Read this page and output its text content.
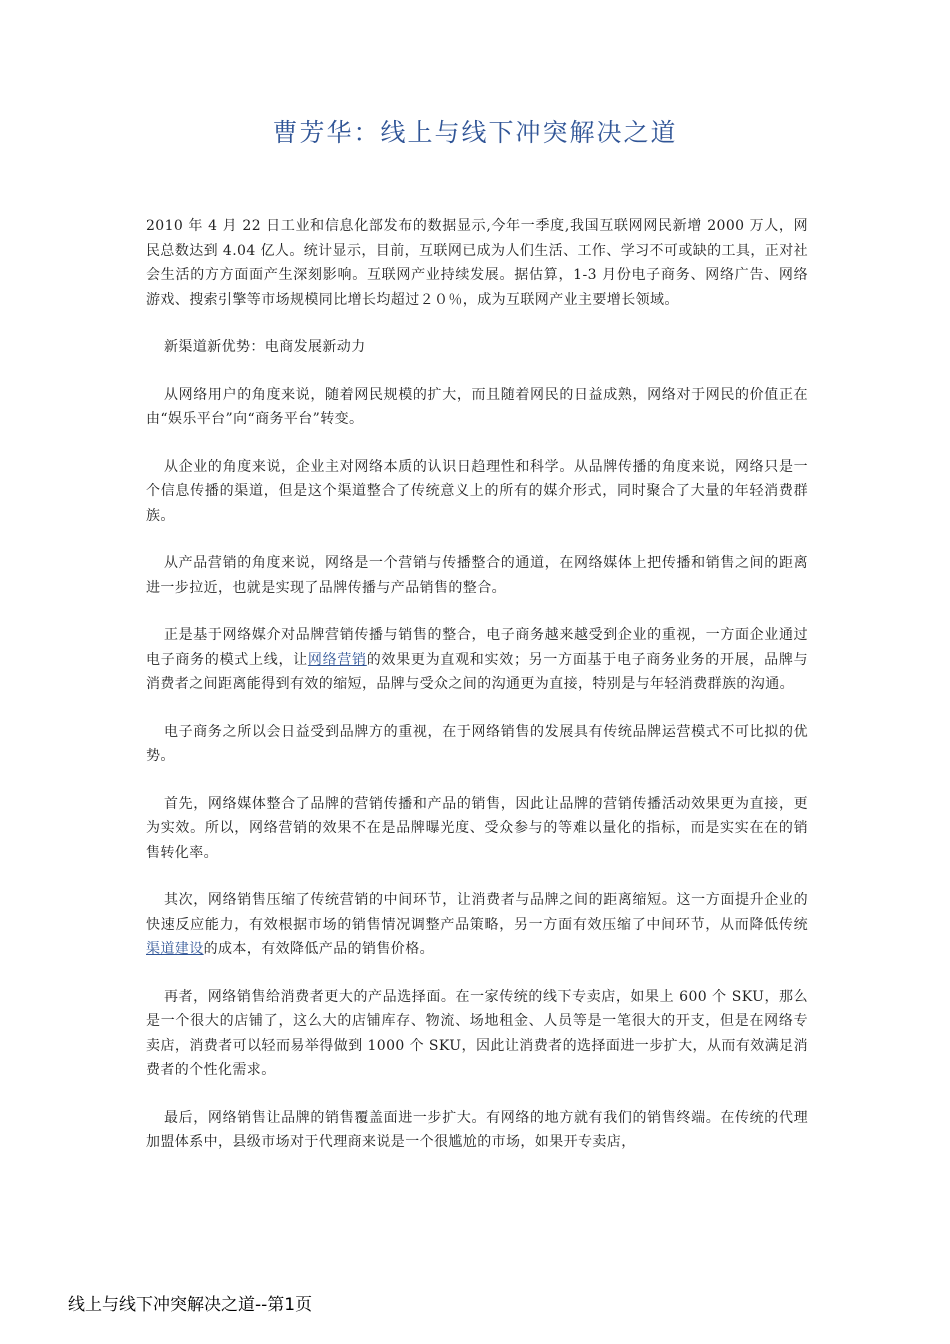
曹芳华：线上与线下冲突解决之道

2010 年 4 月 22 日工业和信息化部发布的数据显示,今年一季度,我国互联网网民新增 2000 万人，网民总数达到 4.04 亿人。统计显示，目前，互联网已成为人们生活、工作、学习不可或缺的工具，正对社会生活的方方面面产生深刻影响。互联网产业持续发展。据估算，1-3 月份电子商务、网络广告、网络游戏、搜索引擎等市场规模同比增长均超过２０％，成为互联网产业主要增长领域。

新渠道新优势：电商发展新动力

从网络用户的角度来说，随着网民规模的扩大，而且随着网民的日益成熟，网络对于网民的价值正在由“娱乐平台”向“商务平台”转变。

从企业的角度来说，企业主对网络本质的认识日趋理性和科学。从品牌传播的角度来说，网络只是一个信息传播的渠道，但是这个渠道整合了传统意义上的所有的媒介形式，同时聚合了大量的年轻消费群族。

从产品营销的角度来说，网络是一个营销与传播整合的通道，在网络媒体上把传播和销售之间的距离进一步拉近，也就是实现了品牌传播与产品销售的整合。

正是基于网络媒介对品牌营销传播与销售的整合，电子商务越来越受到企业的重视，一方面企业通过电子商务的模式上线，让网络营销的效果更为直观和实效；另一方面基于电子商务业务的开展，品牌与消费者之间距离能得到有效的缩短，品牌与受众之间的沟通更为直接，特别是与年轻消费群族的沟通。

电子商务之所以会日益受到品牌方的重视，在于网络销售的发展具有传统品牌运营模式不可比拟的优势。

首先，网络媒体整合了品牌的营销传播和产品的销售，因此让品牌的营销传播活动效果更为直接，更为实效。所以，网络营销的效果不在是品牌曝光度、受众参与的等难以量化的指标，而是实实在在的销售转化率。

其次，网络销售压缩了传统营销的中间环节，让消费者与品牌之间的距离缩短。这一方面提升企业的快速反应能力，有效根据市场的销售情况调整产品策略，另一方面有效压缩了中间环节，从而降低传统渠道建设的成本，有效降低产品的销售价格。

再者，网络销售给消费者更大的产品选择面。在一家传统的线下专卖店，如果上 600 个 SKU，那么是一个很大的店铺了，这么大的店铺库存、物流、场地租金、人员等是一笔很大的开支，但是在网络专卖店，消费者可以轻而易举得做到 1000 个 SKU，因此让消费者的选择面进一步扩大，从而有效满足消费者的个性化需求。

最后，网络销售让品牌的销售覆盖面进一步扩大。有网络的地方就有我们的销售终端。在传统的代理加盟体系中，县级市场对于代理商来说是一个很尴尬的市场，如果开专卖店，

线上与线下冲突解决之道--第1页
